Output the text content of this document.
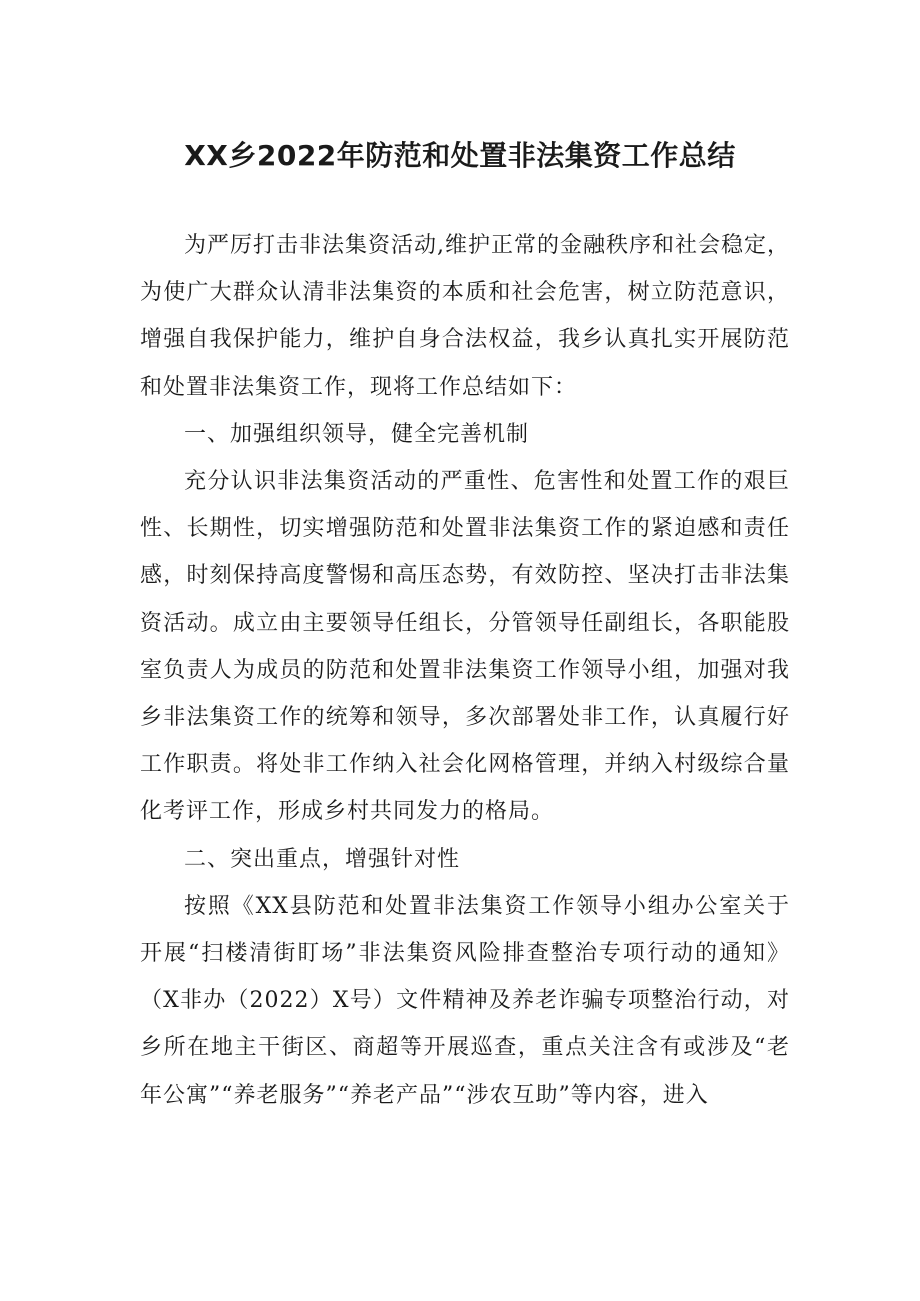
XX乡2022年防范和处置非法集资工作总结

为严厉打击非法集资活动,维护正常的金融秩序和社会稳定，为使广大群众认清非法集资的本质和社会危害，树立防范意识，增强自我保护能力，维护自身合法权益，我乡认真扎实开展防范和处置非法集资工作，现将工作总结如下：

一、加强组织领导，健全完善机制

充分认识非法集资活动的严重性、危害性和处置工作的艰巨性、长期性，切实增强防范和处置非法集资工作的紧迫感和责任感，时刻保持高度警惕和高压态势，有效防控、坚决打击非法集资活动。成立由主要领导任组长，分管领导任副组长，各职能股室负责人为成员的防范和处置非法集资工作领导小组，加强对我乡非法集资工作的统筹和领导，多次部署处非工作，认真履行好工作职责。将处非工作纳入社会化网格管理，并纳入村级综合量化考评工作，形成乡村共同发力的格局。

二、突出重点，增强针对性

按照《XX县防范和处置非法集资工作领导小组办公室关于开展“扫楼清街盯场”非法集资风险排查整治专项行动的通知》（X非办（2022）X号）文件精神及养老诈骗专项整治行动，对乡所在地主干街区、商超等开展巡查，重点关注含有或涉及“老年公寓”“养老服务”“养老产品”“涉农互助”等内容，进入
